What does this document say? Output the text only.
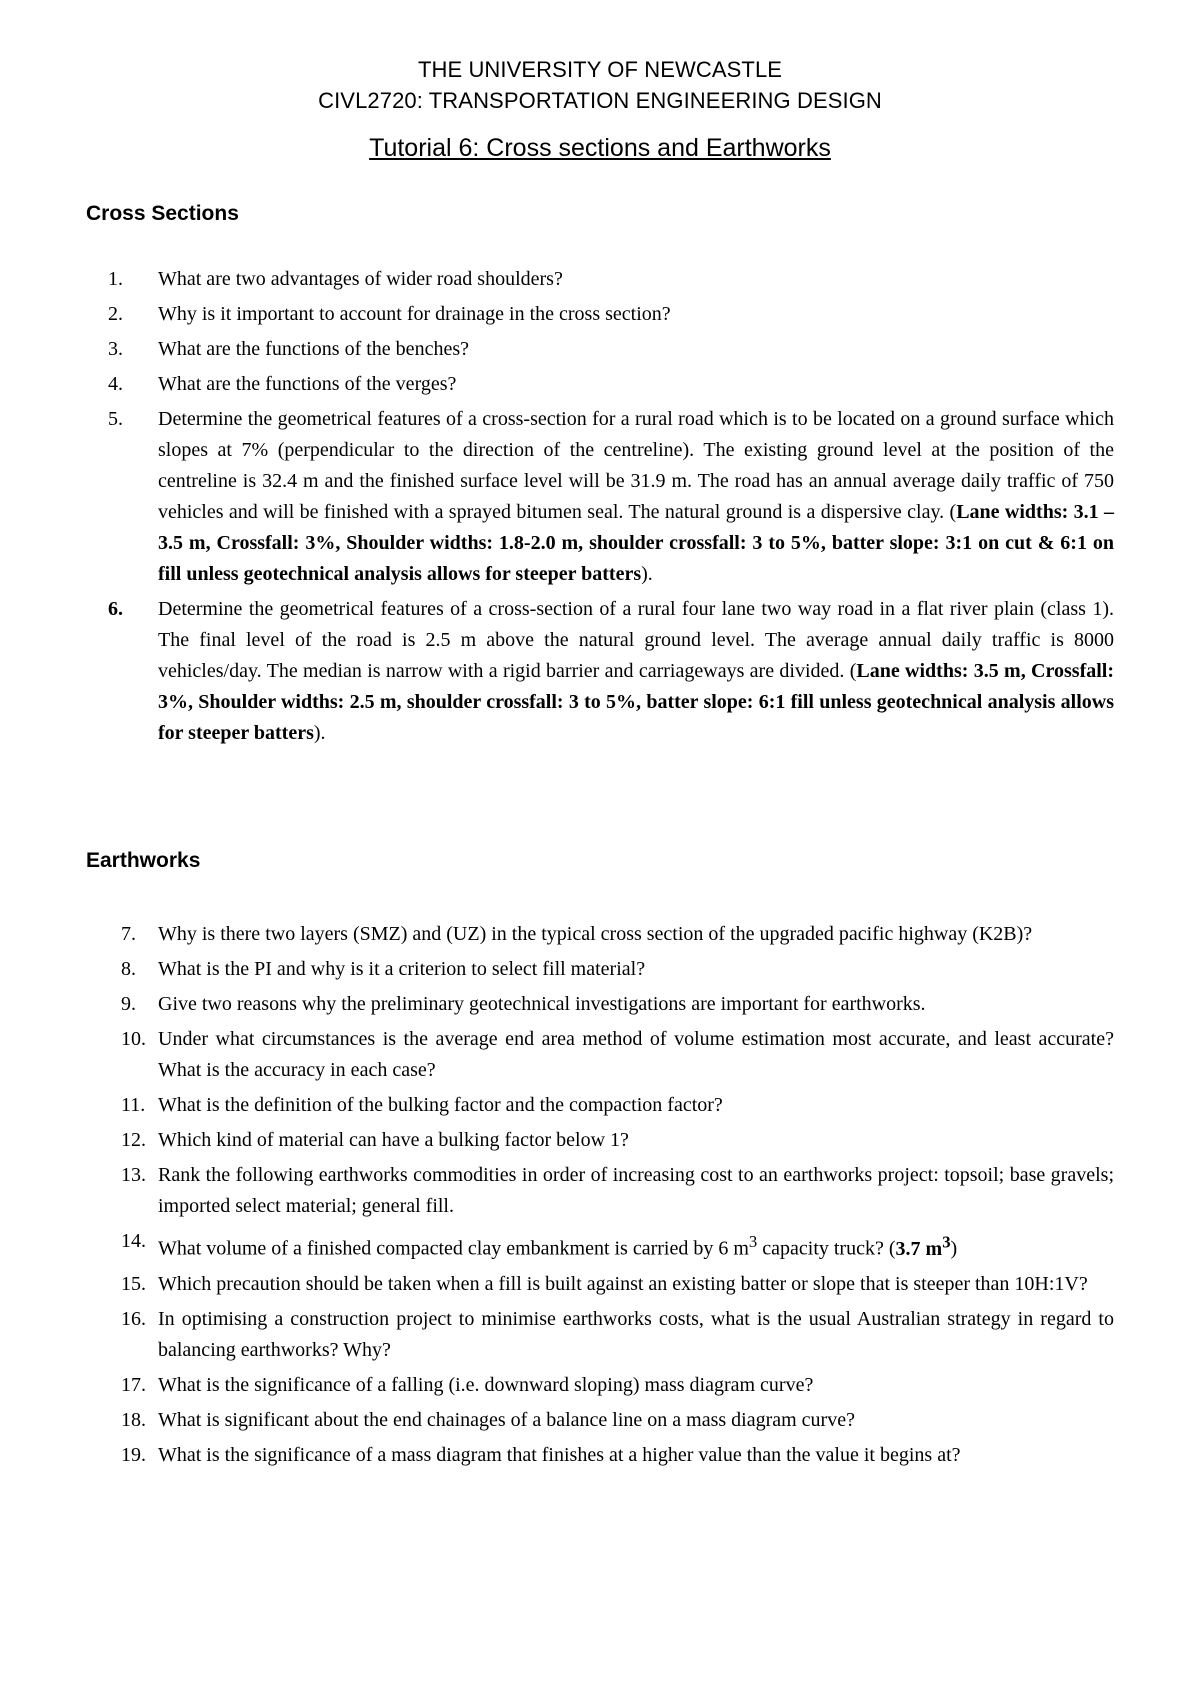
THE UNIVERSITY OF NEWCASTLE
CIVL2720: TRANSPORTATION ENGINEERING DESIGN
Tutorial 6: Cross sections and Earthworks
Cross Sections
1.	What are two advantages of wider road shoulders?
2.	Why is it important to account for drainage in the cross section?
3.	What are the functions of the benches?
4.	What are the functions of the verges?
5.	Determine the geometrical features of a cross-section for a rural road which is to be located on a ground surface which slopes at 7% (perpendicular to the direction of the centreline). The existing ground level at the position of the centreline is 32.4 m and the finished surface level will be 31.9 m. The road has an annual average daily traffic of 750 vehicles and will be finished with a sprayed bitumen seal. The natural ground is a dispersive clay. (Lane widths: 3.1 – 3.5 m, Crossfall: 3%, Shoulder widths: 1.8-2.0 m, shoulder crossfall: 3 to 5%, batter slope: 3:1 on cut & 6:1 on fill unless geotechnical analysis allows for steeper batters).
6.	Determine the geometrical features of a cross-section of a rural four lane two way road in a flat river plain (class 1). The final level of the road is 2.5 m above the natural ground level. The average annual daily traffic is 8000 vehicles/day. The median is narrow with a rigid barrier and carriageways are divided. (Lane widths: 3.5 m, Crossfall: 3%, Shoulder widths: 2.5 m, shoulder crossfall: 3 to 5%, batter slope: 6:1 fill unless geotechnical analysis allows for steeper batters).
Earthworks
7.	Why is there two layers (SMZ) and (UZ) in the typical cross section of the upgraded pacific highway (K2B)?
8.	What is the PI and why is it a criterion to select fill material?
9.	Give two reasons why the preliminary geotechnical investigations are important for earthworks.
10. Under what circumstances is the average end area method of volume estimation most accurate, and least accurate? What is the accuracy in each case?
11. What is the definition of the bulking factor and the compaction factor?
12. Which kind of material can have a bulking factor below 1?
13. Rank the following earthworks commodities in order of increasing cost to an earthworks project: topsoil; base gravels; imported select material; general fill.
14. What volume of a finished compacted clay embankment is carried by 6 $m^3$ capacity truck? (3.7 $m^3$)
15. Which precaution should be taken when a fill is built against an existing batter or slope that is steeper than 10H:1V?
16. In optimising a construction project to minimise earthworks costs, what is the usual Australian strategy in regard to balancing earthworks? Why?
17. What is the significance of a falling (i.e. downward sloping) mass diagram curve?
18. What is significant about the end chainages of a balance line on a mass diagram curve?
19. What is the significance of a mass diagram that finishes at a higher value than the value it begins at?
